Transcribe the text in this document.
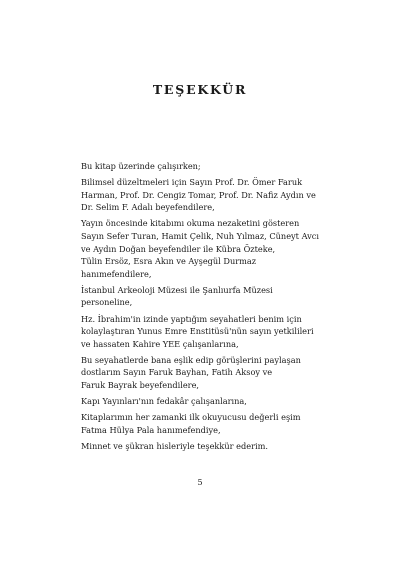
TEŞEKKÜR

Bu kitap üzerinde çalışırken;

Bilimsel düzeltmeleri için Sayın Prof. Dr. Ömer Faruk
Harman, Prof. Dr. Cengiz Tomar, Prof. Dr. Nafiz Aydın ve
Dr. Selim F. Adalı beyefendilere,

Yayın öncesinde kitabımı okuma nezaketini gösteren
Sayın Sefer Turan, Hamit Çelik, Nuh Yılmaz, Cüneyt Avcı
ve Aydın Doğan beyefendiler ile Kübra Özteke,
Tülin Ersöz, Esra Akın ve Ayşegül Durmaz
hanımefendilere,

İstanbul Arkeoloji Müzesi ile Şanlıurfa Müzesi
personeline,

Hz. İbrahim'in izinde yaptığım seyahatleri benim için
kolaylaştıran Yunus Emre Enstitüsü'nün sayın yetkilileri
ve hassaten Kahire YEE çalışanlarına,

Bu seyahatlerde bana eşlik edip görüşlerini paylaşan
dostlarım Sayın Faruk Bayhan, Fatih Aksoy ve
Faruk Bayrak beyefendilere,

Kapı Yayınları'nın fedakâr çalışanlarına,

Kitaplarımın her zamanki ilk okuyucusu değerli eşim
Fatma Hülya Pala hanımefendiye,

Minnet ve şükran hisleriyle teşekkür ederim.

5
